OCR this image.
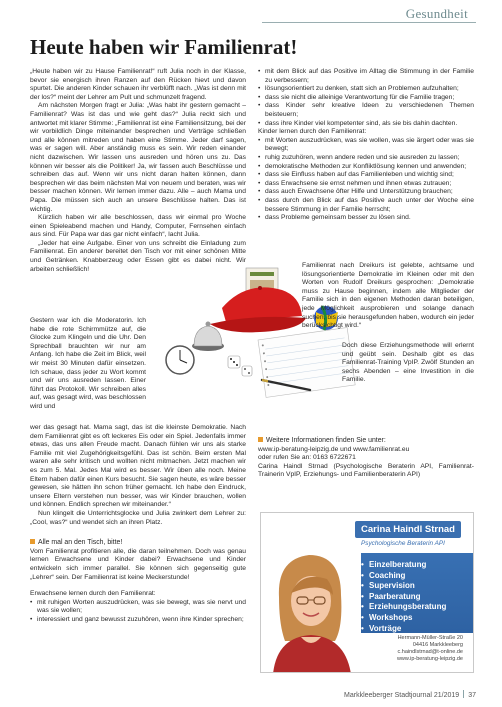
Gesundheit
Heute haben wir Familienrat!

„Heute haben wir zu Hause Familienrat!“ ruft Julia noch in der Klasse, bevor sie energisch ihren Ranzen auf den Rücken hievt und davon spurtet. Die anderen Kinder schauen ihr verblüfft nach. „Was ist denn mit der los?“ meint der Lehrer am Pult und schmunzelt fragend.

Am nächsten Morgen fragt er Julia: „Was habt ihr gestern gemacht – Familienrat? Was ist das und wie geht das?“ Julia reckt sich und antwortet mit klarer Stimme: „Familienrat ist eine Familiensitzung, bei der wir vorbildlich Dinge miteinander besprechen und Verträge schließen und alle können mitreden und haben eine Stimme. Jeder darf sagen, was er sagen will. Aber anständig muss es sein. Wir reden einander nicht dazwischen. Wir lassen uns ausreden und hören uns zu. Das können wir besser als die Politiker! Ja, wir fassen auch Beschlüsse und schreiben das auf. Wenn wir uns nicht daran halten können, dann besprechen wir das beim nächsten Mal von neuem und beraten, was wir besser machen können. Wir lernen immer dazu. Alle – auch Mama und Papa. Die müssen sich auch an unsere Beschlüsse halten. Das ist wichtig.

Kürzlich haben wir alle beschlossen, dass wir einmal pro Woche einen Spieleabend machen und Handy, Computer, Fernsehen einfach aus sind. Für Papa war das gar nicht einfach“, lacht Julia.

„Jeder hat eine Aufgabe. Einer von uns schreibt die Einladung zum Familienrat. Ein anderer bereitet den Tisch vor mit einer schönen Mitte und Getränken. Knabberzeug oder Essen gibt es dabei nicht. Wir arbeiten schließlich!

Gestern war ich die Moderatorin. Ich habe die rote Schirmmütze auf, die Glocke zum Klingeln und die Uhr. Den Sprechball brauchten wir nur am Anfang. Ich habe die Zeit im Blick, weil wir meist 30 Minuten dafür einsetzen. Ich schaue, dass jeder zu Wort kommt und wir uns ausreden lassen. Einer führt das Protokoll. Wir schreiben alles auf, was gesagt wird, was beschlossen wird und

wer das gesagt hat. Mama sagt, das ist die kleinste Demokratie. Nach dem Familienrat gibt es oft leckeres Eis oder ein Spiel. Jedenfalls immer etwas, das uns allen Freude macht. Danach fühlen wir uns als starke Familie mit viel Zugehörigkeitsgefühl. Das ist schön. Beim ersten Mal waren alle sehr kritisch und wollten nicht mitmachen. Jetzt machen wir es zum 5. Mal. Jedes Mal wird es besser. Wir üben alle noch. Meine Eltern haben dafür einen Kurs besucht. Sie sagen heute, es wäre besser gewesen, sie hätten ihn schon früher gemacht. Ich habe den Eindruck, unsere Eltern verstehen nun besser, was wir Kinder brauchen, wollen und können. Endlich sprechen wir miteinander.“

Nun klingelt die Unterrichtsglocke und Julia zwinkert dem Lehrer zu: „Cool, was?“ und wendet sich an ihren Platz.

Alle mal an den Tisch, bitte!

Vom Familienrat profitieren alle, die daran teilnehmen. Doch was genau lernen Erwachsene und Kinder dabei? Erwachsene und Kinder entwickeln sich immer parallel. Sie können sich gegenseitig gute „Lehrer“ sein. Der Familienrat ist keine Meckerstunde!

Erwachsene lernen durch den Familienrat:

• mit ruhigen Worten auszudrücken, was sie bewegt, was sie nervt und was sie wollen;
• interessiert und ganz bewusst zuzuhören, wenn ihre Kinder sprechen;
• mit dem Blick auf das Positive im Alltag die Stimmung in der Familie zu verbessern;
• lösungsorientiert zu denken, statt sich an Problemen aufzuhalten;
• dass sie nicht die alleinige Verantwortung für die Familie tragen;
• dass Kinder sehr kreative Ideen zu verschiedenen Themen beisteuern;
• dass ihre Kinder viel kompetenter sind, als sie bis dahin dachten.

Kinder lernen durch den Familienrat:

• mit Worten auszudrücken, was sie wollen, was sie ärgert oder was sie bewegt;
• ruhig zuzuhören, wenn andere reden und sie ausreden zu lassen;
• demokratische Methoden zur Konfliktlösung kennen und anwenden;
• dass sie Einfluss haben auf das Familienleben und wichtig sind;
• dass Erwachsene sie ernst nehmen und ihnen etwas zutrauen;
• dass auch Erwachsene öfter Hilfe und Unterstützung brauchen;
• dass durch den Blick auf das Positive auch unter der Woche eine bessere Stimmung in der Familie herrscht;
• dass Probleme gemeinsam besser zu lösen sind.

Familienrat nach Dreikurs ist gelebte, achtsame und lösungsorientierte Demokratie im Kleinen oder mit den Worten von Rudolf Dreikurs gesprochen: „Demokratie muss zu Hause beginnen, indem alle Mitglieder der Familie sich in den eigenen Methoden daran beteiligen, jede Möglichkeit ausprobieren und solange danach suchen, bis sie herausgefunden haben, wodurch ein jeder berücksichtigt wird.“

Doch diese Erziehungsmethode will erlernt und geübt sein. Deshalb gibt es das Familienrat-Training VpIP. Zwölf Stunden an sechs Abenden – eine Investition in die Familie.

Weitere Informationen finden Sie unter:

www.ip-beratung-leipzig.de und www.familienrat.eu

oder rufen Sie an: 0163 6722671

Carina Haindl Strnad (Psychologische Beraterin API, Familienrat-Trainerin VpIP, Erziehungs- und Familienberaterin API)

Carina Haindl Strnad
Psychologische Beraterin API
• Einzelberatung
• Coaching
• Supervision
• Paarberatung
• Erziehungsberatung
• Workshops
• Vorträge
Hermann-Müller-Straße 20
04416 Markkleeberg
c.haindlstrnad@t-online.de
www.ip-beratung-leipzig.de
Markkleeberger Stadtjournal 21/2019 37
